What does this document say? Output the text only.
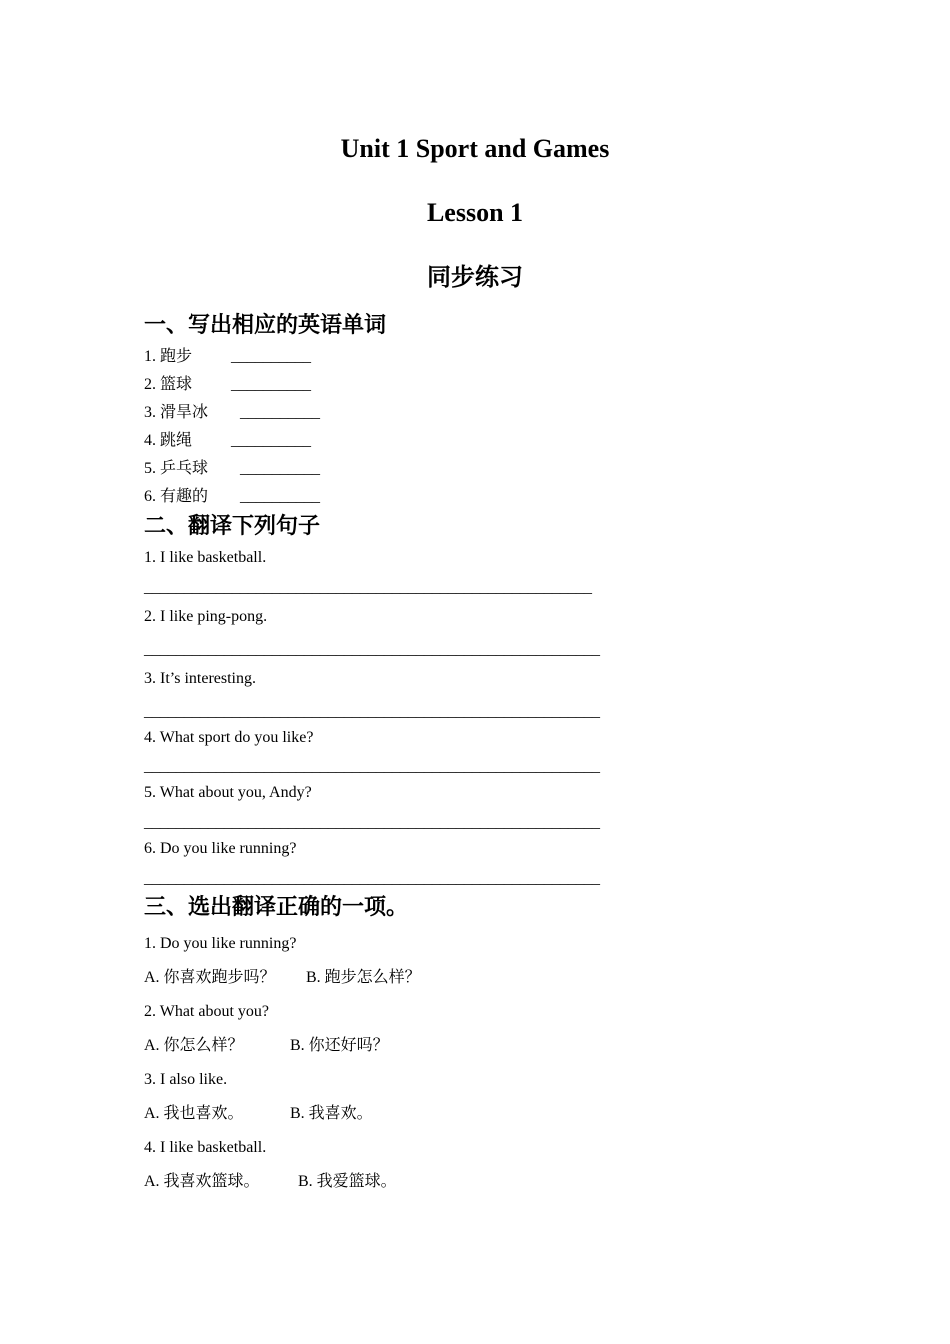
Unit 1 Sport and Games
Lesson 1
同步练习
一、写出相应的英语单词
1. 跑步 __________
2. 篮球 __________
3. 滑旱冰 __________
4. 跳绳 __________
5. 乒乓球 __________
6. 有趣的 __________
二、翻译下列句子
1. I like basketball.
________________________________________________________
2. I like ping-pong.
_________________________________________________________
3. It’s interesting.
_________________________________________________________
4. What sport do you like?
_________________________________________________________
5. What about you, Andy?
_________________________________________________________
6. Do you like running?
_________________________________________________________
三、选出翻译正确的一项。
1. Do you like running?
A. 你喜欢跑步吗？ B. 跑步怎么样？
2. What about you?
A. 你怎么样？	B. 你还好吗？
3. I also like.
A. 我也喜欢。	B. 我喜欢。
4. I like basketball.
A. 我喜欢篮球。 B. 我爱篮球。
